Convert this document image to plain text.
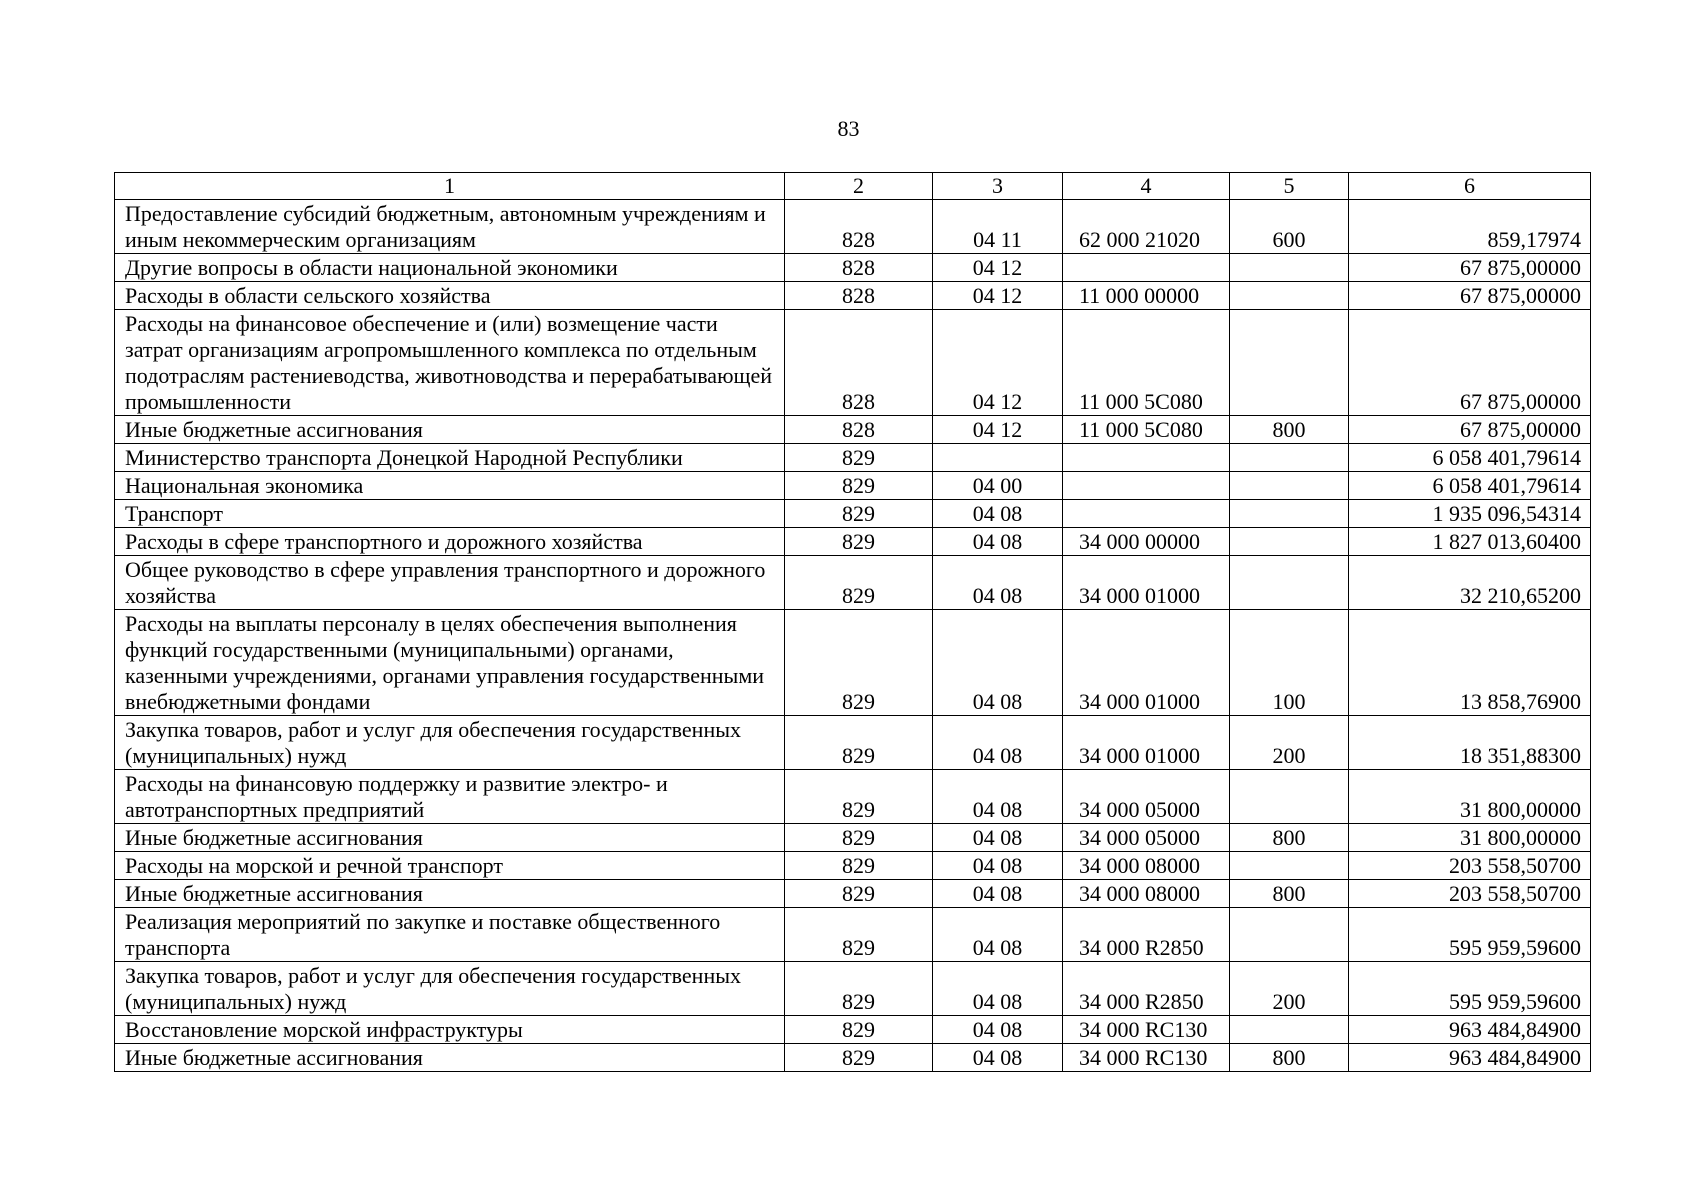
83
1	2	3	4	5	6
Предоставление субсидий бюджетным, автономным учреждениям и иным некоммерческим организациям	828	04 11	62 000 21020	600	859,17974
Другие вопросы в области национальной экономики	828	04 12			67 875,00000
Расходы в области сельского хозяйства	828	04 12	11 000 00000		67 875,00000
Расходы на финансовое обеспечение и (или) возмещение части затрат организациям агропромышленного комплекса по отдельным подотраслям растениеводства, животноводства и перерабатывающей промышленности	828	04 12	11 000 5C080		67 875,00000
Иные бюджетные ассигнования	828	04 12	11 000 5C080	800	67 875,00000
Министерство транспорта Донецкой Народной Республики	829				6 058 401,79614
Национальная экономика	829	04 00			6 058 401,79614
Транспорт	829	04 08			1 935 096,54314
Расходы в сфере транспортного и дорожного хозяйства	829	04 08	34 000 00000		1 827 013,60400
Общее руководство в сфере управления транспортного и дорожного хозяйства	829	04 08	34 000 01000		32 210,65200
Расходы на выплаты персоналу в целях обеспечения выполнения функций государственными (муниципальными) органами, казенными учреждениями, органами управления государственными внебюджетными фондами	829	04 08	34 000 01000	100	13 858,76900
Закупка товаров, работ и услуг для обеспечения государственных (муниципальных) нужд	829	04 08	34 000 01000	200	18 351,88300
Расходы на финансовую поддержку и развитие электро- и автотранспортных предприятий	829	04 08	34 000 05000		31 800,00000
Иные бюджетные ассигнования	829	04 08	34 000 05000	800	31 800,00000
Расходы на морской и речной транспорт	829	04 08	34 000 08000		203 558,50700
Иные бюджетные ассигнования	829	04 08	34 000 08000	800	203 558,50700
Реализация мероприятий по закупке и поставке общественного транспорта	829	04 08	34 000 R2850		595 959,59600
Закупка товаров, работ и услуг для обеспечения государственных (муниципальных) нужд	829	04 08	34 000 R2850	200	595 959,59600
Восстановление морской инфраструктуры	829	04 08	34 000 RC130		963 484,84900
Иные бюджетные ассигнования	829	04 08	34 000 RC130	800	963 484,84900
